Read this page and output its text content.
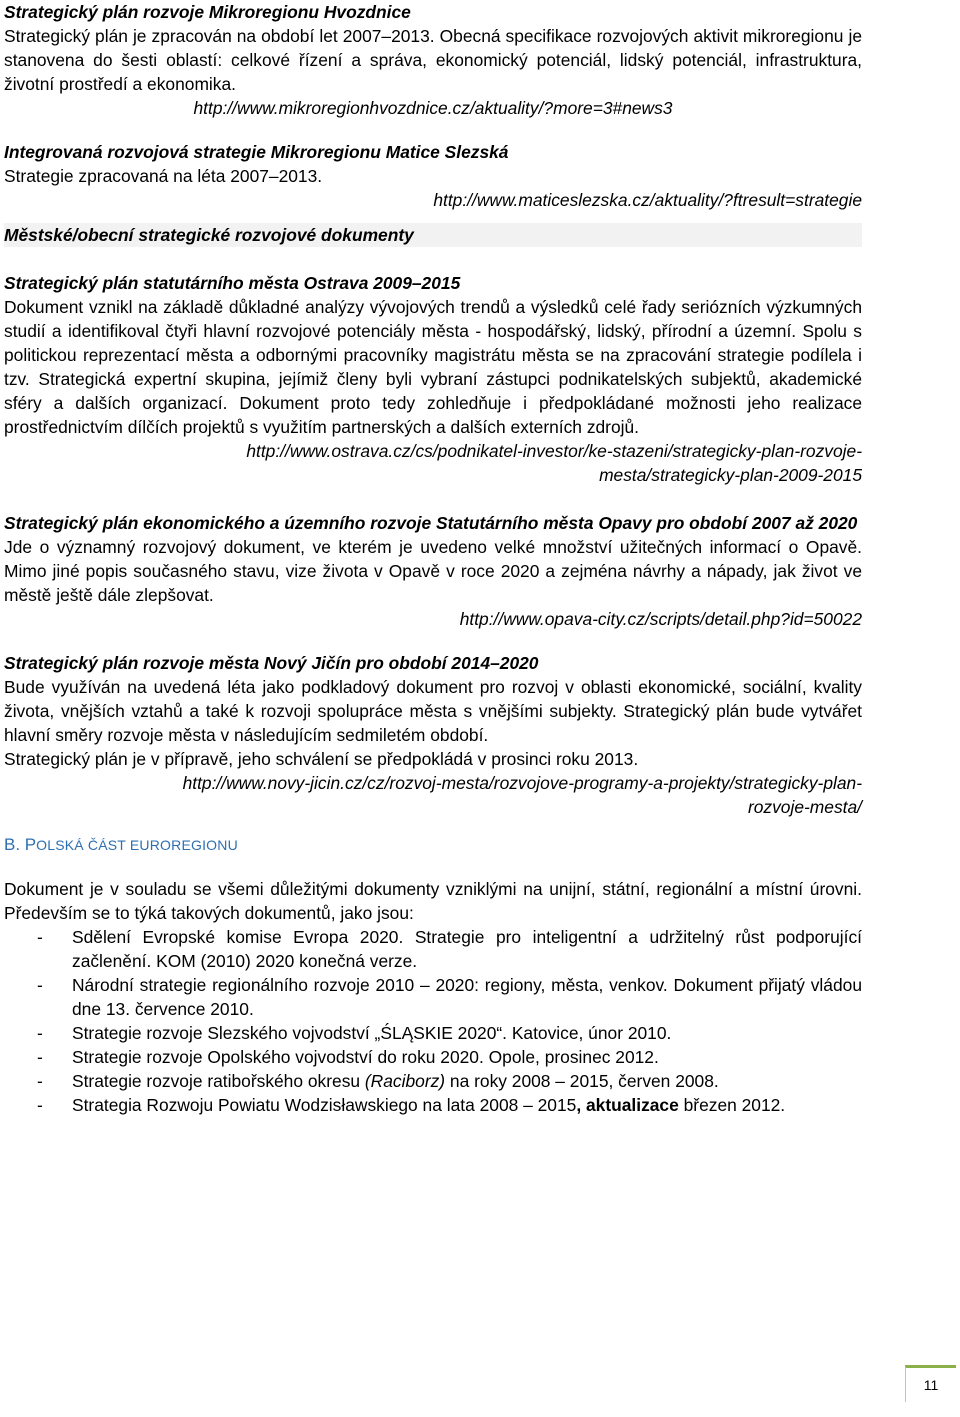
Strategický plán rozvoje Mikroregionu Hvozdnice

Strategický plán je zpracován na období let 2007–2013. Obecná specifikace rozvojových aktivit mikroregionu je stanovena do šesti oblastí: celkové řízení a správa, ekonomický potenciál, lidský potenciál, infrastruktura, životní prostředí a ekonomika.

http://www.mikroregionhvozdnice.cz/aktuality/?more=3#news3

Integrovaná rozvojová strategie Mikroregionu Matice Slezská

Strategie zpracovaná na léta 2007–2013.

http://www.maticeslezska.cz/aktuality/?ftresult=strategie

Městské/obecní strategické rozvojové dokumenty

Strategický plán statutárního města Ostrava 2009–2015

Dokument vznikl na základě důkladné analýzy vývojových trendů a výsledků celé řady seriózních výzkumných studií a identifikoval čtyři hlavní rozvojové potenciály města - hospodářský, lidský, přírodní a územní. Spolu s politickou reprezentací města a odbornými pracovníky magistrátu města se na zpracování strategie podílela i tzv. Strategická expertní skupina, jejímiž členy byli vybraní zástupci podnikatelských subjektů, akademické sféry a dalších organizací. Dokument proto tedy zohledňuje i předpokládané možnosti jeho realizace prostřednictvím dílčích projektů s využitím partnerských a dalších externích zdrojů.

http://www.ostrava.cz/cs/podnikatel-investor/ke-stazeni/strategicky-plan-rozvoje-
mesta/strategicky-plan-2009-2015

Strategický plán ekonomického a územního rozvoje Statutárního města Opavy pro období 2007 až 2020

Jde o významný rozvojový dokument, ve kterém je uvedeno velké množství užitečných informací o Opavě. Mimo jiné popis současného stavu, vize života v Opavě v roce 2020 a zejména návrhy a nápady, jak život ve městě ještě dále zlepšovat.

http://www.opava-city.cz/scripts/detail.php?id=50022

Strategický plán rozvoje města Nový Jičín pro období 2014–2020

Bude využíván na uvedená léta jako podkladový dokument pro rozvoj v oblasti ekonomické, sociální, kvality života, vnějších vztahů a také k rozvoji spolupráce města s vnějšími subjekty. Strategický plán bude vytvářet hlavní směry rozvoje města v následujícím sedmiletém období.

Strategický plán je v přípravě, jeho schválení se předpokládá v prosinci roku 2013.

http://www.novy-jicin.cz/cz/rozvoj-mesta/rozvojove-programy-a-projekty/strategicky-plan-
rozvoje-mesta/

B. POLSKÁ ČÁST EUROREGIONU

Dokument je v souladu se všemi důležitými dokumenty vzniklými na unijní, státní, regionální a místní úrovni. Především se to týká takových dokumentů, jako jsou:

- Sdělení Evropské komise Evropa 2020. Strategie pro inteligentní a udržitelný růst podporující začlenění. KOM (2010) 2020 konečná verze.
- Národní strategie regionálního rozvoje 2010 – 2020: regiony, města, venkov. Dokument přijatý vládou dne 13. července 2010.
- Strategie rozvoje Slezského vojvodství „ŚLĄSKIE 2020“. Katovice, únor 2010.
- Strategie rozvoje Opolského vojvodství do roku 2020. Opole, prosinec 2012.
- Strategie rozvoje ratibořského okresu (Raciborz) na roky 2008 – 2015, červen 2008.
- Strategia Rozwoju Powiatu Wodzisławskiego na lata 2008 – 2015, aktualizace březen 2012.
11
